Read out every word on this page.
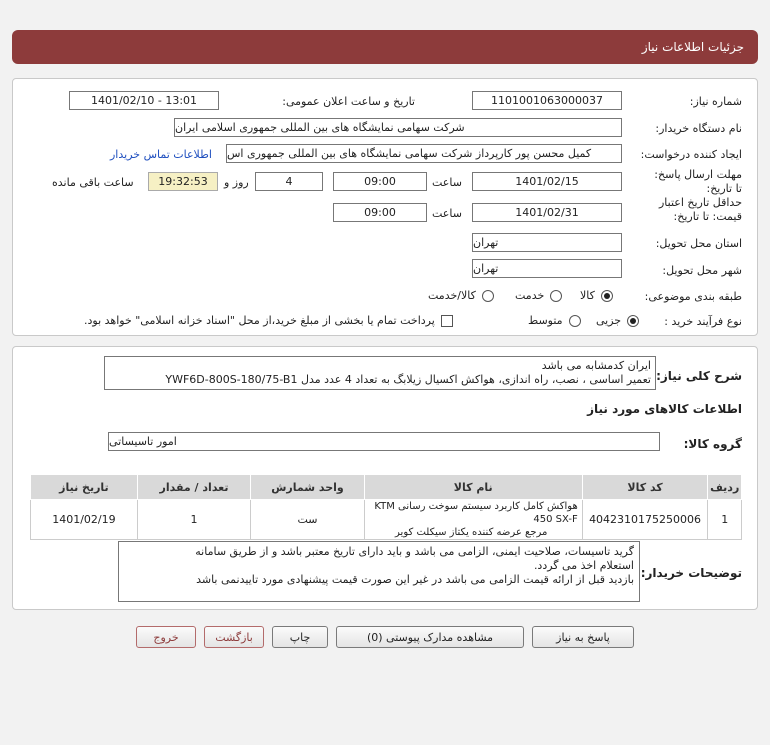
جزئیات اطلاعات نیاز
شماره نیاز:
1101001063000037
تاریخ و ساعت اعلان عمومی:
1401/02/10 - 13:01
نام دستگاه خریدار:
شرکت سهامی نمایشگاه های بین المللی جمهوری اسلامی ایران
ایجاد کننده درخواست:
کمیل محسن پور کارپرداز شرکت سهامی نمایشگاه های بین المللی جمهوری اس
اطلاعات تماس خریدار
مهلت ارسال پاسخ: تا تاریخ:
1401/02/15
ساعت
09:00
4
روز و
19:32:53
ساعت باقی مانده
حداقل تاریخ اعتبار قیمت: تا تاریخ:
1401/02/31
ساعت
09:00
استان محل تحویل:
تهران
شهر محل تحویل:
تهران
طبقه بندی موضوعی:
کالا
خدمت
کالا/خدمت
نوع فرآیند خرید :
جزیی
متوسط
پرداخت تمام یا بخشی از مبلغ خرید،از محل "اسناد خزانه اسلامی" خواهد بود.
شرح کلی نیاز:
ایران کدمشابه می باشد
تعمیر اساسی ، نصب، راه اندازی، هواکش اکسیال زیلابگ به تعداد 4 عدد مدل YWF6D-800S-180/75-B1
اطلاعات کالاهای مورد نیاز
گروه کالا:
امور تاسیساتی
ردیف	کد کالا	نام کالا	واحد شمارش	تعداد / مقدار	تاریخ نیاز
1	4042310175250006	هواکش کامل کاربرد سیستم سوخت رسانی KTM 450 SX-F
مرجع عرضه کننده یکتاز سیکلت کویر	ست	1	1401/02/19
توضیحات خریدار:
گرید تاسیسات، صلاحیت ایمنی، الزامی می باشد و باید دارای تاریخ معتبر باشد و از طریق سامانه
استعلام اخذ می گردد.
بازدید قبل از ارائه قیمت الزامی می باشد در غیر این صورت قیمت پیشنهادی مورد تاییدنمی باشد
پاسخ به نیاز
مشاهده مدارک پیوستی (0)
چاپ
بازگشت
خروج
